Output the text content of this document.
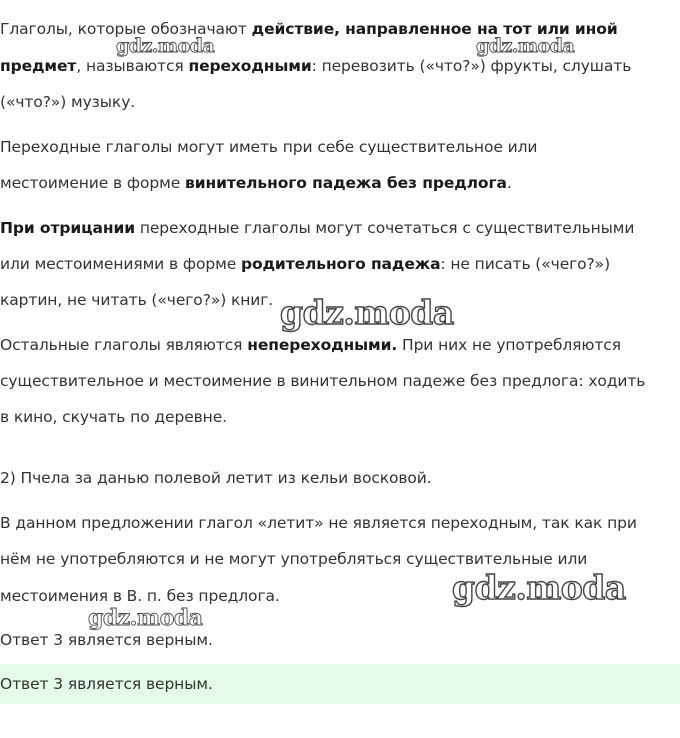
Глаголы, которые обозначают действие, направленное на тот или иной
предмет, называются переходными: перевозить («что?») фрукты, слушать
(«что?») музыку.
Переходные глаголы могут иметь при себе существительное или
местоимение в форме винительного падежа без предлога.
При отрицании переходные глаголы могут сочетаться с существительными
или местоимениями в форме родительного падежа: не писать («чего?»)
картин, не читать («чего?») книг.
Остальные глаголы являются непереходными. При них не употребляются
существительное и местоимение в винительном падеже без предлога: ходить
в кино, скучать по деревне.
2) Пчела за данью полевой летит из кельи восковой.
В данном предложении глагол «летит» не является переходным, так как при
нём не употребляются и не могут употребляться существительные или
местоимения в В. п. без предлога.
Ответ 3 является верным.
Ответ 3 является верным.
gdz.moda	gdz.moda
gdz.moda
gdz.moda
gdz.moda
